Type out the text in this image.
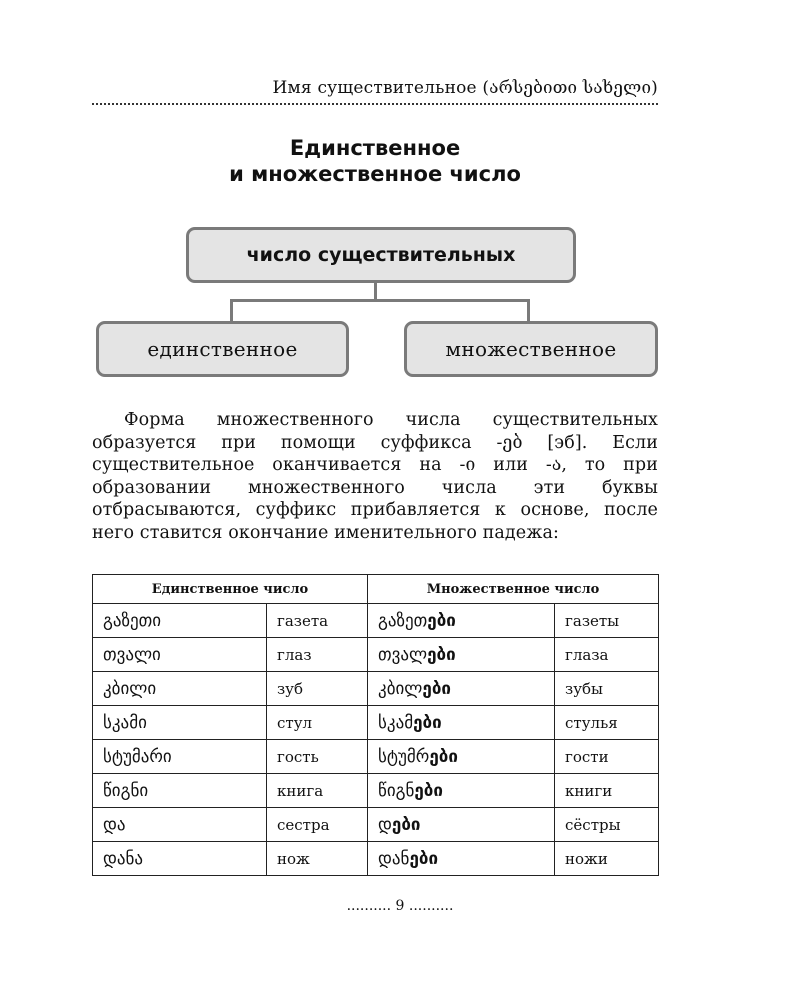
Имя существительное (არსებითი სახელი)
Единственное
и множественное число
число существительных
единственное	множественное

Форма множественного числа существительных образуется при помощи суффикса -ებ [эб]. Если существительное оканчивается на -ი или -ა, то при образовании множественного числа эти буквы отбрасываются, суффикс прибавляется к основе, после него ставится окончание именительного падежа:

Единственное число		Множественное число	
გაზეთი	газета	გაზეთები	газеты
თვალი	глаз	თვალები	глаза
კბილი	зуб	კბილები	зубы
სკამი	стул	სკამები	стулья
სტუმარი	гость	სტუმრები	гости
წიგნი	книга	წიგნები	книги
და	сестра	დები	сёстры
დანა	нож	დანები	ножи
.......... 9 ..........
